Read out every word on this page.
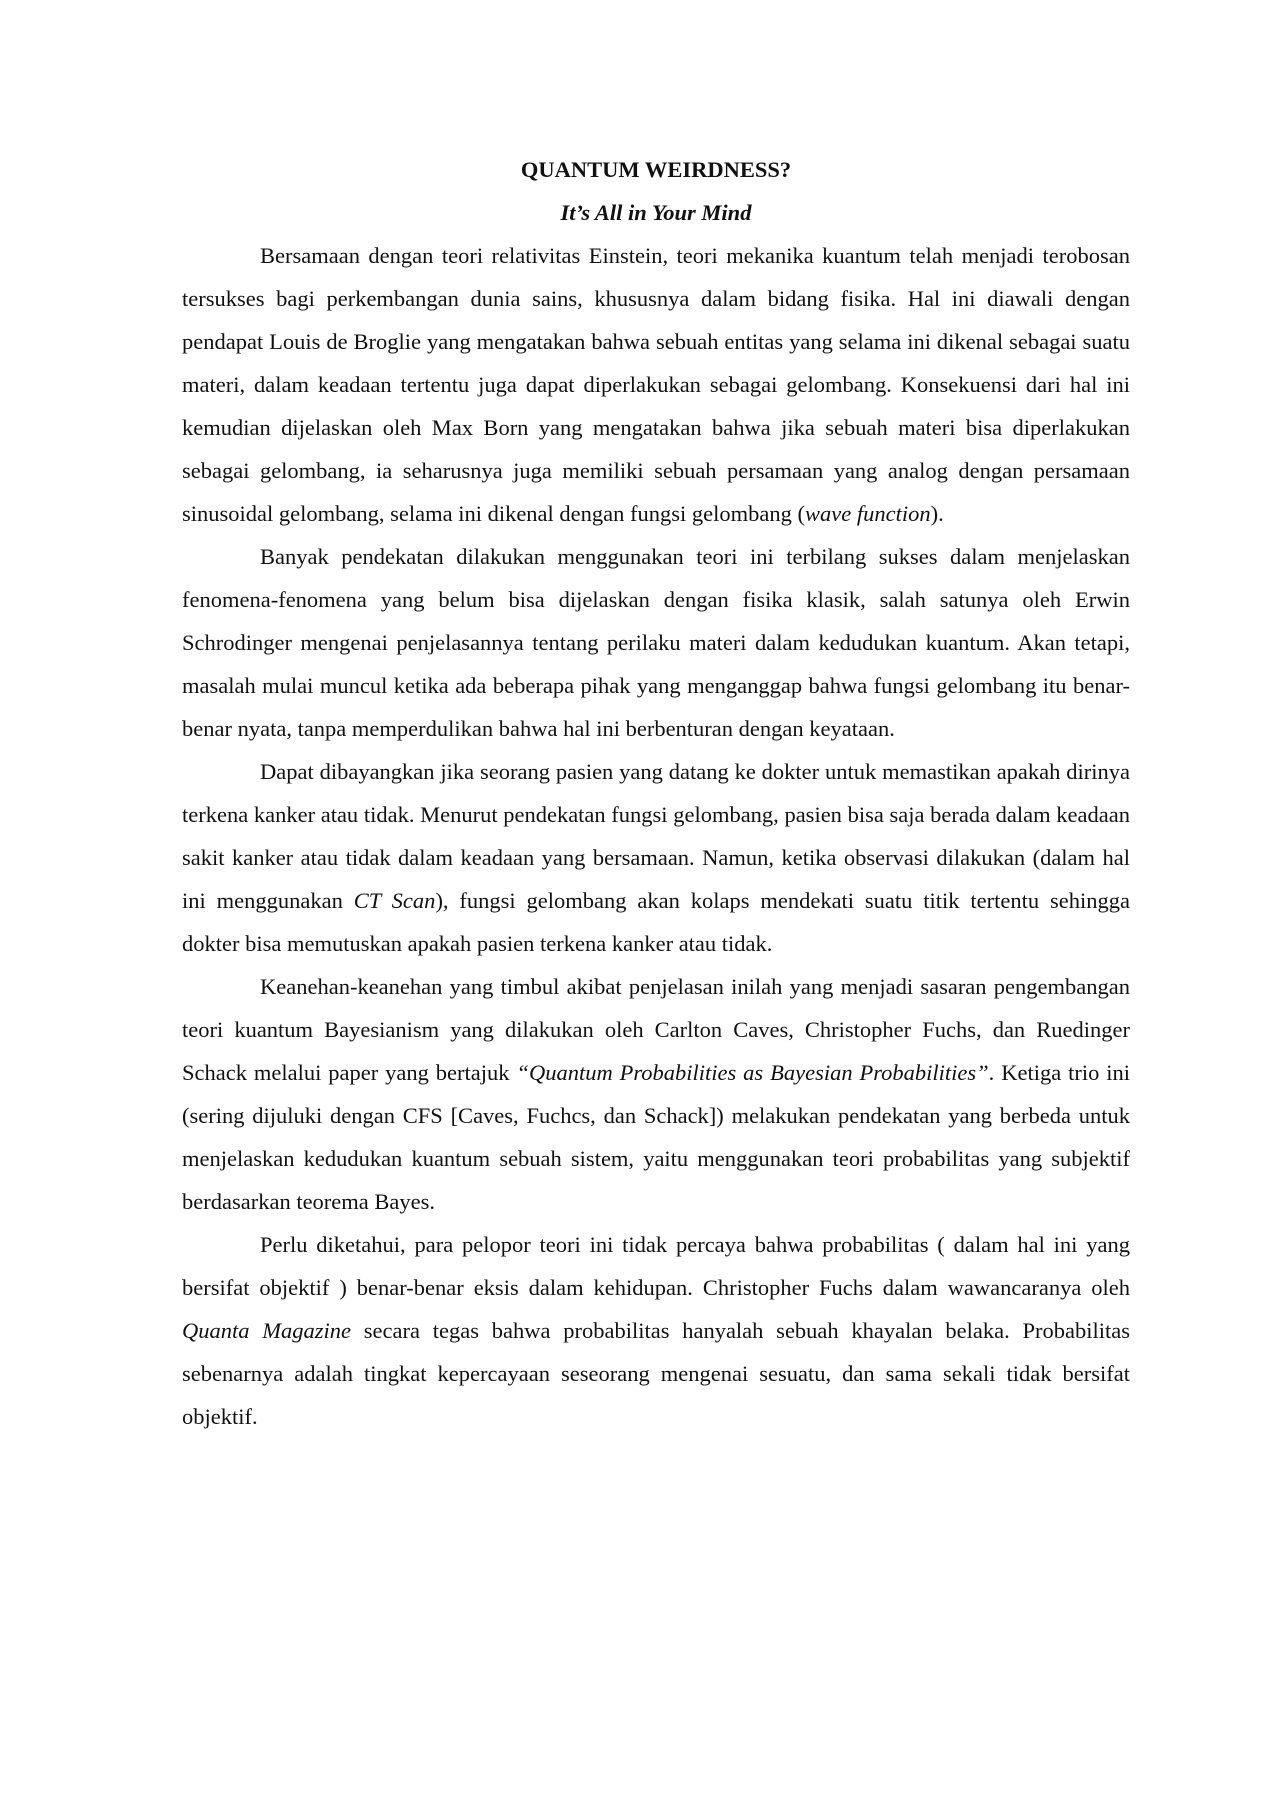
QUANTUM WEIRDNESS?
It’s All in Your Mind

Bersamaan dengan teori relativitas Einstein, teori mekanika kuantum telah menjadi terobosan tersukses bagi perkembangan dunia sains, khususnya dalam bidang fisika. Hal ini diawali dengan pendapat Louis de Broglie yang mengatakan bahwa sebuah entitas yang selama ini dikenal sebagai suatu materi, dalam keadaan tertentu juga dapat diperlakukan sebagai gelombang. Konsekuensi dari hal ini kemudian dijelaskan oleh Max Born yang mengatakan bahwa jika sebuah materi bisa diperlakukan sebagai gelombang, ia seharusnya juga memiliki sebuah persamaan yang analog dengan persamaan sinusoidal gelombang, selama ini dikenal dengan fungsi gelombang (wave function).

Banyak pendekatan dilakukan menggunakan teori ini terbilang sukses dalam menjelaskan fenomena-fenomena yang belum bisa dijelaskan dengan fisika klasik, salah satunya oleh Erwin Schrodinger mengenai penjelasannya tentang perilaku materi dalam kedudukan kuantum. Akan tetapi, masalah mulai muncul ketika ada beberapa pihak yang menganggap bahwa fungsi gelombang itu benar-benar nyata, tanpa memperdulikan bahwa hal ini berbenturan dengan keyataan.

Dapat dibayangkan jika seorang pasien yang datang ke dokter untuk memastikan apakah dirinya terkena kanker atau tidak. Menurut pendekatan fungsi gelombang, pasien bisa saja berada dalam keadaan sakit kanker atau tidak dalam keadaan yang bersamaan. Namun, ketika observasi dilakukan (dalam hal ini menggunakan CT Scan), fungsi gelombang akan kolaps mendekati suatu titik tertentu sehingga dokter bisa memutuskan apakah pasien terkena kanker atau tidak.

Keanehan-keanehan yang timbul akibat penjelasan inilah yang menjadi sasaran pengembangan teori kuantum Bayesianism yang dilakukan oleh Carlton Caves, Christopher Fuchs, dan Ruedinger Schack melalui paper yang bertajuk “Quantum Probabilities as Bayesian Probabilities”. Ketiga trio ini (sering dijuluki dengan CFS [Caves, Fuchcs, dan Schack]) melakukan pendekatan yang berbeda untuk menjelaskan kedudukan kuantum sebuah sistem, yaitu menggunakan teori probabilitas yang subjektif berdasarkan teorema Bayes.

Perlu diketahui, para pelopor teori ini tidak percaya bahwa probabilitas ( dalam hal ini yang bersifat objektif ) benar-benar eksis dalam kehidupan. Christopher Fuchs dalam wawancaranya oleh Quanta Magazine secara tegas bahwa probabilitas hanyalah sebuah khayalan belaka. Probabilitas sebenarnya adalah tingkat kepercayaan seseorang mengenai sesuatu, dan sama sekali tidak bersifat objektif.
